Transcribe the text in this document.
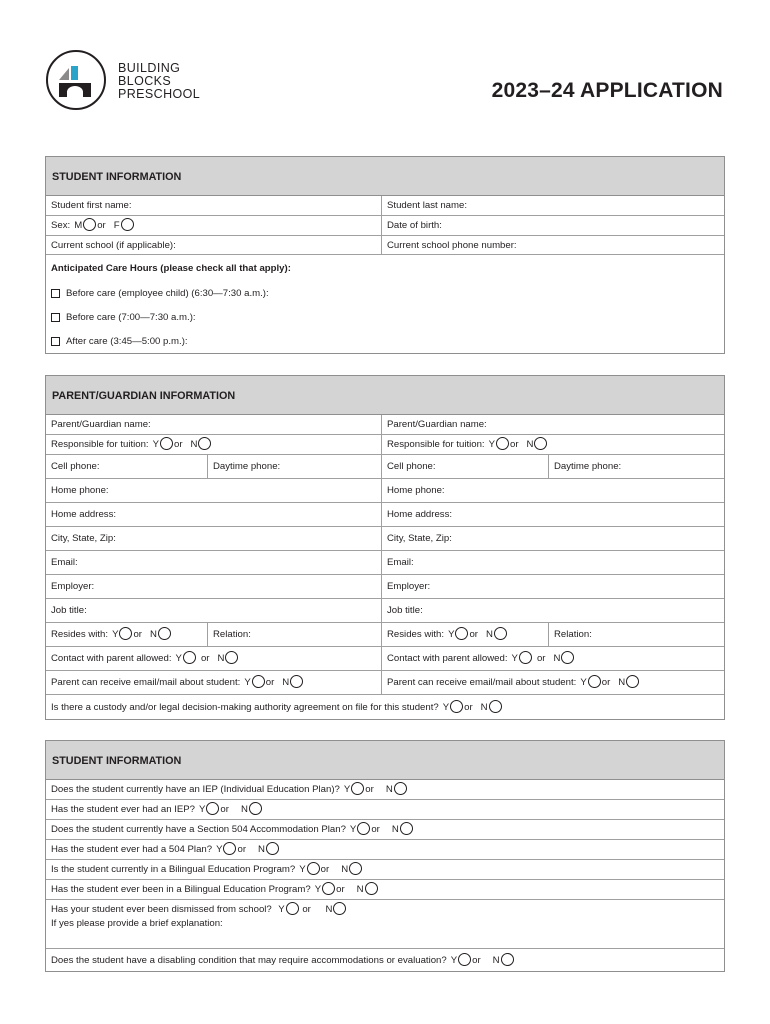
BUILDING
BLOCKS
PRESCHOOL	2023–24 APPLICATION
STUDENT INFORMATION
Student first name:	Student last name:
Sex: M or F	Date of birth:
Current school (if applicable):	Current school phone number:
Anticipated Care Hours (please check all that apply):
Before care (employee child) (6:30—7:30 a.m.):
Before care (7:00—7:30 a.m.):
After care (3:45—5:00 p.m.):
PARENT/GUARDIAN INFORMATION
Parent/Guardian name:	Parent/Guardian name:
Responsible for tuition: Y or N	Responsible for tuition: Y or N
Cell phone:	Daytime phone:	Cell phone:	Daytime phone:
Home phone:	Home phone:
Home address:	Home address:
City, State, Zip:	City, State, Zip:
Email:	Email:
Employer:	Employer:
Job title:	Job title:
Resides with: Y or N	Relation:	Resides with: Y or N	Relation:
Contact with parent allowed: Y or N	Contact with parent allowed: Y or N
Parent can receive email/mail about student: Y or N	Parent can receive email/mail about student: Y or N
Is there a custody and/or legal decision-making authority agreement on file for this student? Y or N
STUDENT INFORMATION
Does the student currently have an IEP (Individual Education Plan)? Y or N
Has the student ever had an IEP? Y or N
Does the student currently have a Section 504 Accommodation Plan? Y or N
Has the student ever had a 504 Plan? Y or N
Is the student currently in a Bilingual Education Program? Y or N
Has the student ever been in a Bilingual Education Program? Y or N
Has your student ever been dismissed from school? Y or N
If yes please provide a brief explanation:
Does the student have a disabling condition that may require accommodations or evaluation? Y or N
